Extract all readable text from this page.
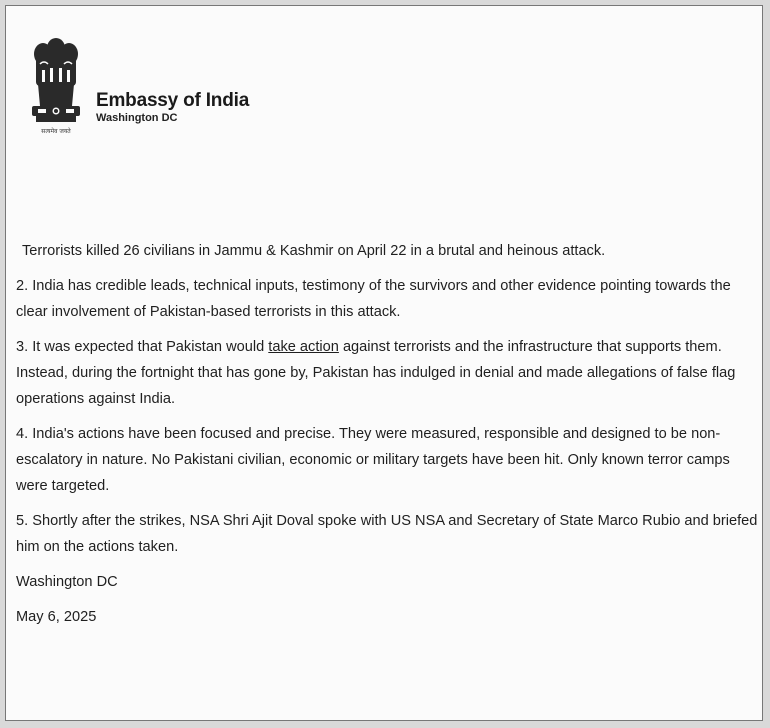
सत्यमेव जयते
Embassy of India
Washington DC

Terrorists killed 26 civilians in Jammu & Kashmir on April 22 in a brutal and heinous attack.

2. India has credible leads, technical inputs, testimony of the survivors and other evidence pointing towards the clear involvement of Pakistan-based terrorists in this attack.

3. It was expected that Pakistan would take action against terrorists and the infrastructure that supports them. Instead, during the fortnight that has gone by, Pakistan has indulged in denial and made allegations of false flag operations against India.

4. India's actions have been focused and precise. They were measured, responsible and designed to be non-escalatory in nature. No Pakistani civilian, economic or military targets have been hit. Only known terror camps were targeted.

5. Shortly after the strikes, NSA Shri Ajit Doval spoke with US NSA and Secretary of State Marco Rubio and briefed him on the actions taken.

Washington DC

May 6, 2025
